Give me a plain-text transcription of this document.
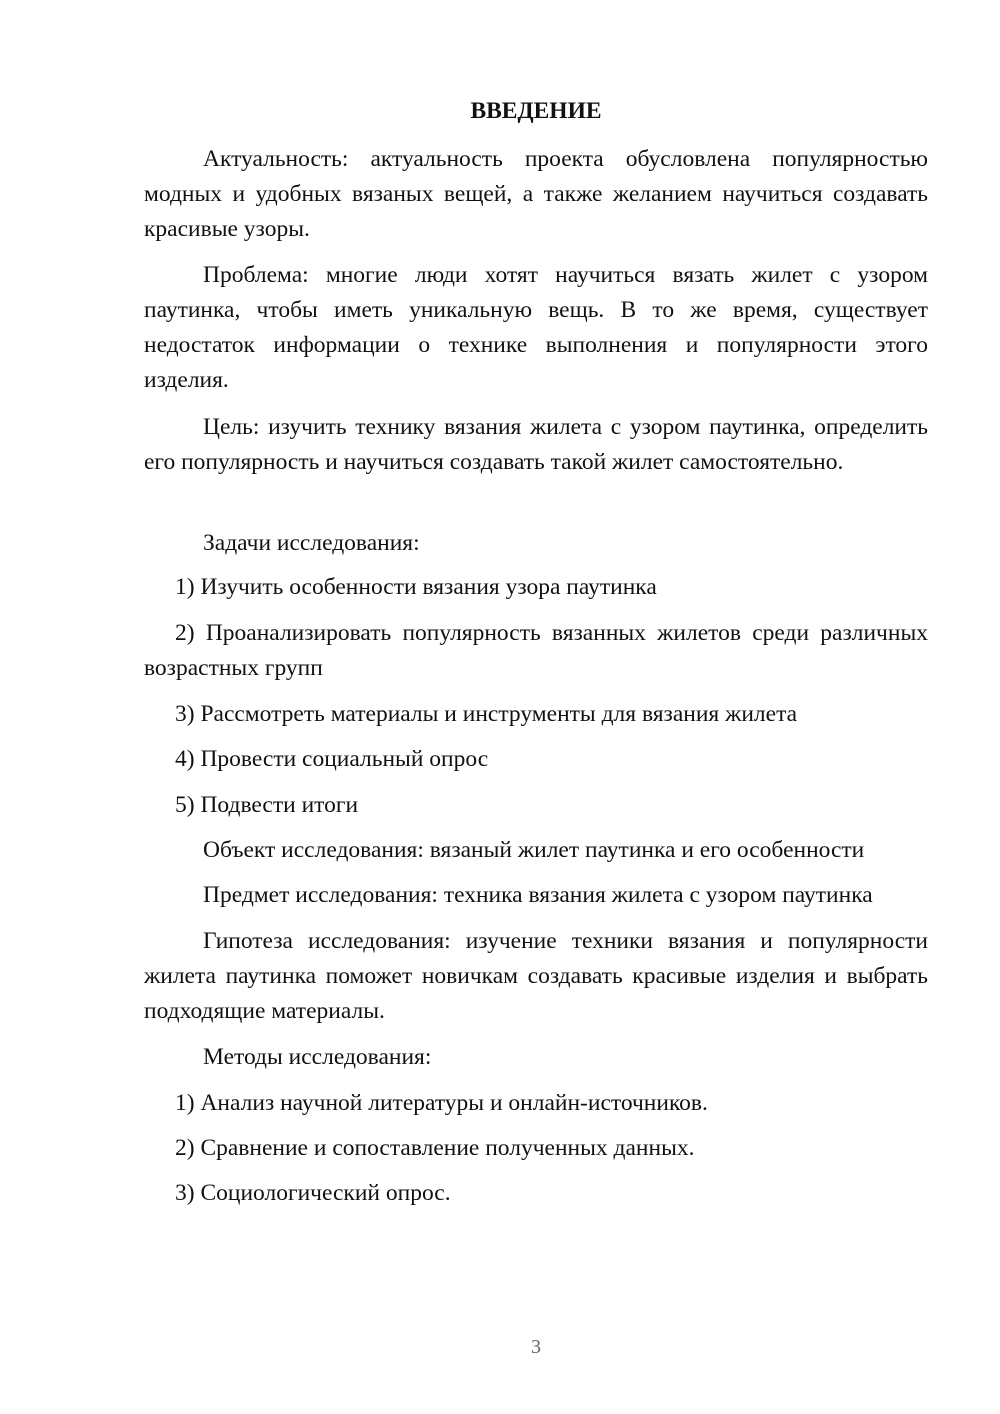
ВВЕДЕНИЕ

Актуальность: актуальность проекта обусловлена популярностью модных и удобных вязаных вещей, а также желанием научиться создавать красивые узоры.

Проблема: многие люди хотят научиться вязать жилет с узором паутинка, чтобы иметь уникальную вещь. В то же время, существует недостаток информации о технике выполнения и популярности этого изделия.

Цель: изучить технику вязания жилета с узором паутинка, определить его популярность и научиться создавать такой жилет самостоятельно.

Задачи исследования:

1) Изучить особенности вязания узора паутинка

2) Проанализировать популярность вязанных жилетов среди различных возрастных групп

3) Рассмотреть материалы и инструменты для вязания жилета

4) Провести социальный опрос

5) Подвести итоги

Объект исследования: вязаный жилет паутинка и его особенности

Предмет исследования: техника вязания жилета с узором паутинка

Гипотеза исследования: изучение техники вязания и популярности жилета паутинка поможет новичкам создавать красивые изделия и выбрать подходящие материалы.

Методы исследования:

1) Анализ научной литературы и онлайн-источников.

2) Сравнение и сопоставление полученных данных.

3) Социологический опрос.

3
